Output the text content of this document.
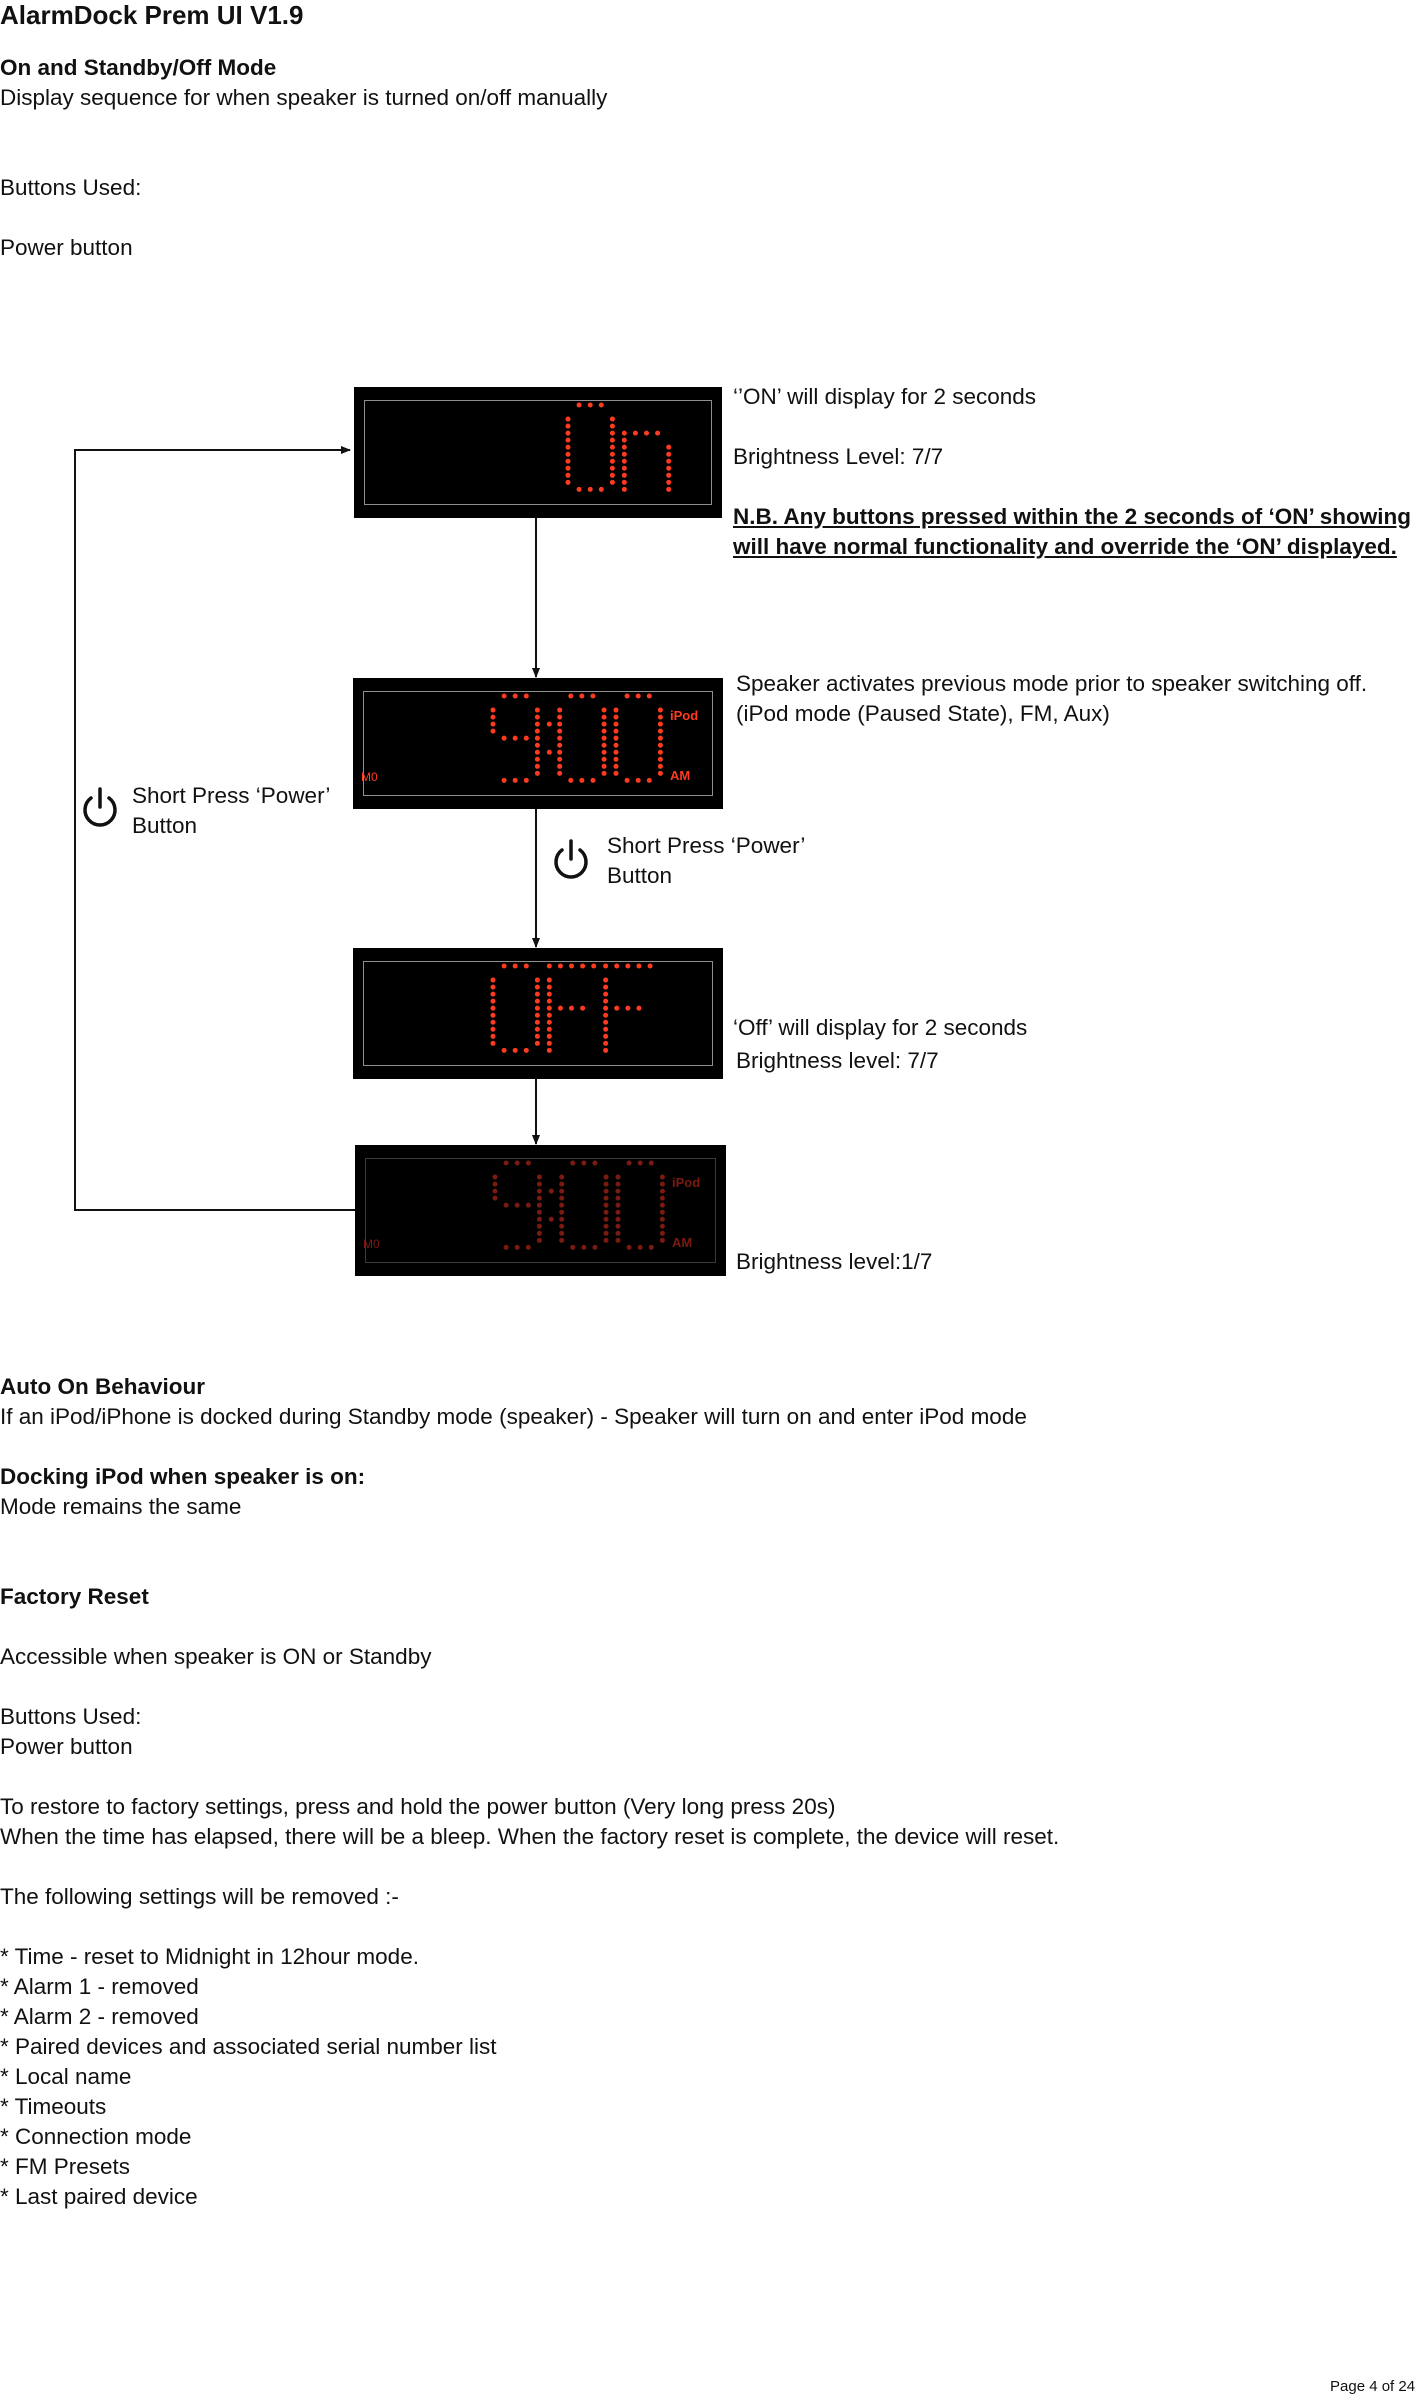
AlarmDock Prem UI V1.9
On and Standby/Off Mode
Display sequence for when speaker is turned on/off manually
Buttons Used:
Power button
M0
iPod
AM
M0
iPod
AM
‘’ON’ will display for 2 seconds
Brightness Level: 7/7
N.B. Any buttons pressed within the 2 seconds of ‘ON’ showing
will have normal functionality and override the ‘ON’ displayed.
Speaker activates previous mode prior to speaker switching off.
(iPod mode (Paused State), FM, Aux)
Short Press ‘Power’
Button
Short Press ‘Power’
Button
‘Off’ will display for 2 seconds
Brightness level: 7/7
Brightness level:1/7
Auto On Behaviour
If an iPod/iPhone is docked during Standby mode (speaker) - Speaker will turn on and enter iPod mode
Docking iPod when speaker is on:
Mode remains the same
Factory Reset
Accessible when speaker is ON or Standby
Buttons Used:
Power button
To restore to factory settings, press and hold the power button (Very long press 20s)
When the time has elapsed, there will be a bleep. When the factory reset is complete, the device will reset.
The following settings will be removed :-
* Time - reset to Midnight in 12hour mode.
* Alarm 1 - removed
* Alarm 2 - removed
* Paired devices and associated serial number list
* Local name
* Timeouts
* Connection mode
* FM Presets
* Last paired device
Page 4 of 24
